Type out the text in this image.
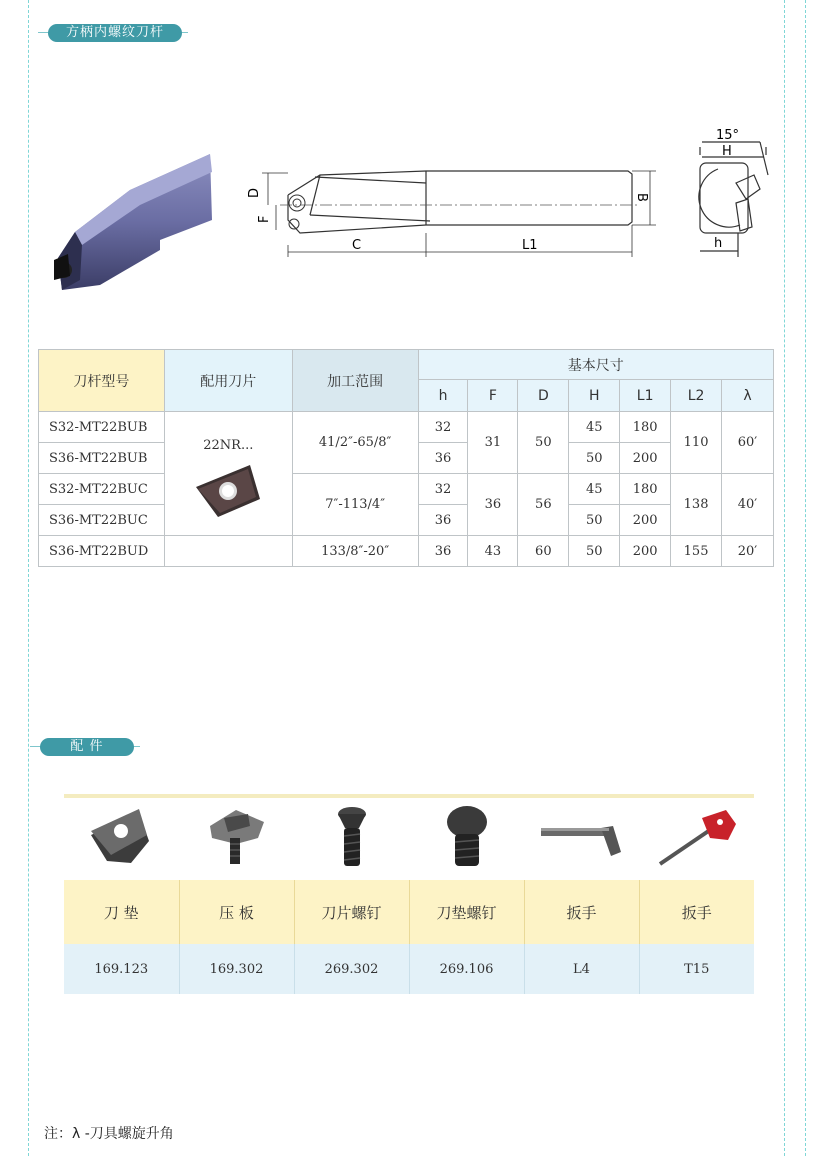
方柄内螺纹刀杆
D
F
C	L1
B
15°
H
h
刀杆型号	配用刀片	加工范围	基本尺寸						
			h	F	D	H	L1	L2	λ
S32-MT22BUB	22NR...	41/2″-65/8″	32	31	50	45	180	110	60′
S36-MT22BUB			36			50	200		
S32-MT22BUC		7″-113/4″	32	36	56	45	180	138	40′
S36-MT22BUC			36			50	200		
S36-MT22BUD		133/8″-20″	36	43	60	50	200	155	20′
配 件

刀 垫	压 板	刀片螺钉	刀垫螺钉	扳手	扳手
169.123	169.302	269.302	269.106	L4	T15
注：λ -刀具螺旋升角
